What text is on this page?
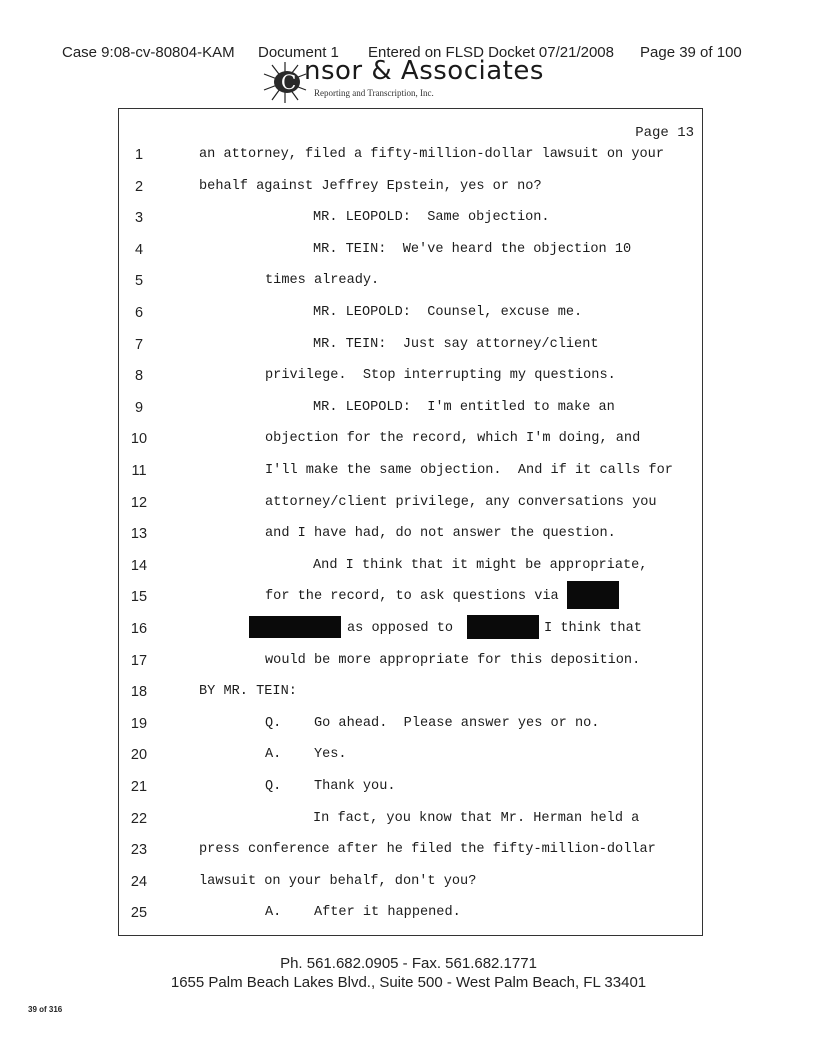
Case 9:08-cv-80804-KAM

Document 1

Entered on FLSD Docket 07/21/2008

Page 39 of 100

C nsor & Associates
Reporting and Transcription, Inc.
Page 13
1	an attorney, filed a fifty-million-dollar lawsuit on your
2	behalf against Jeffrey Epstein, yes or no?
3	MR. LEOPOLD:  Same objection.
4	MR. TEIN:  We've heard the objection 10
5	times already.
6	MR. LEOPOLD:  Counsel, excuse me.
7	MR. TEIN:  Just say attorney/client
8	privilege.  Stop interrupting my questions.
9	MR. LEOPOLD:  I'm entitled to make an
10	objection for the record, which I'm doing, and
11	I'll make the same objection.  And if it calls for
12	attorney/client privilege, any conversations you
13	and I have had, do not answer the question.
14	And I think that it might be appropriate,
15	for the record, to ask questions via
16	as opposed to	I think that
17	would be more appropriate for this deposition.
18	BY MR. TEIN:
19	Q.    Go ahead.  Please answer yes or no.
20	A.    Yes.
21	Q.    Thank you.
22	In fact, you know that Mr. Herman held a
23	press conference after he filed the fifty-million-dollar
24	lawsuit on your behalf, don't you?
25	A.    After it happened.
Ph. 561.682.0905 - Fax. 561.682.1771
1655 Palm Beach Lakes Blvd., Suite 500 - West Palm Beach, FL 33401
39 of 316
